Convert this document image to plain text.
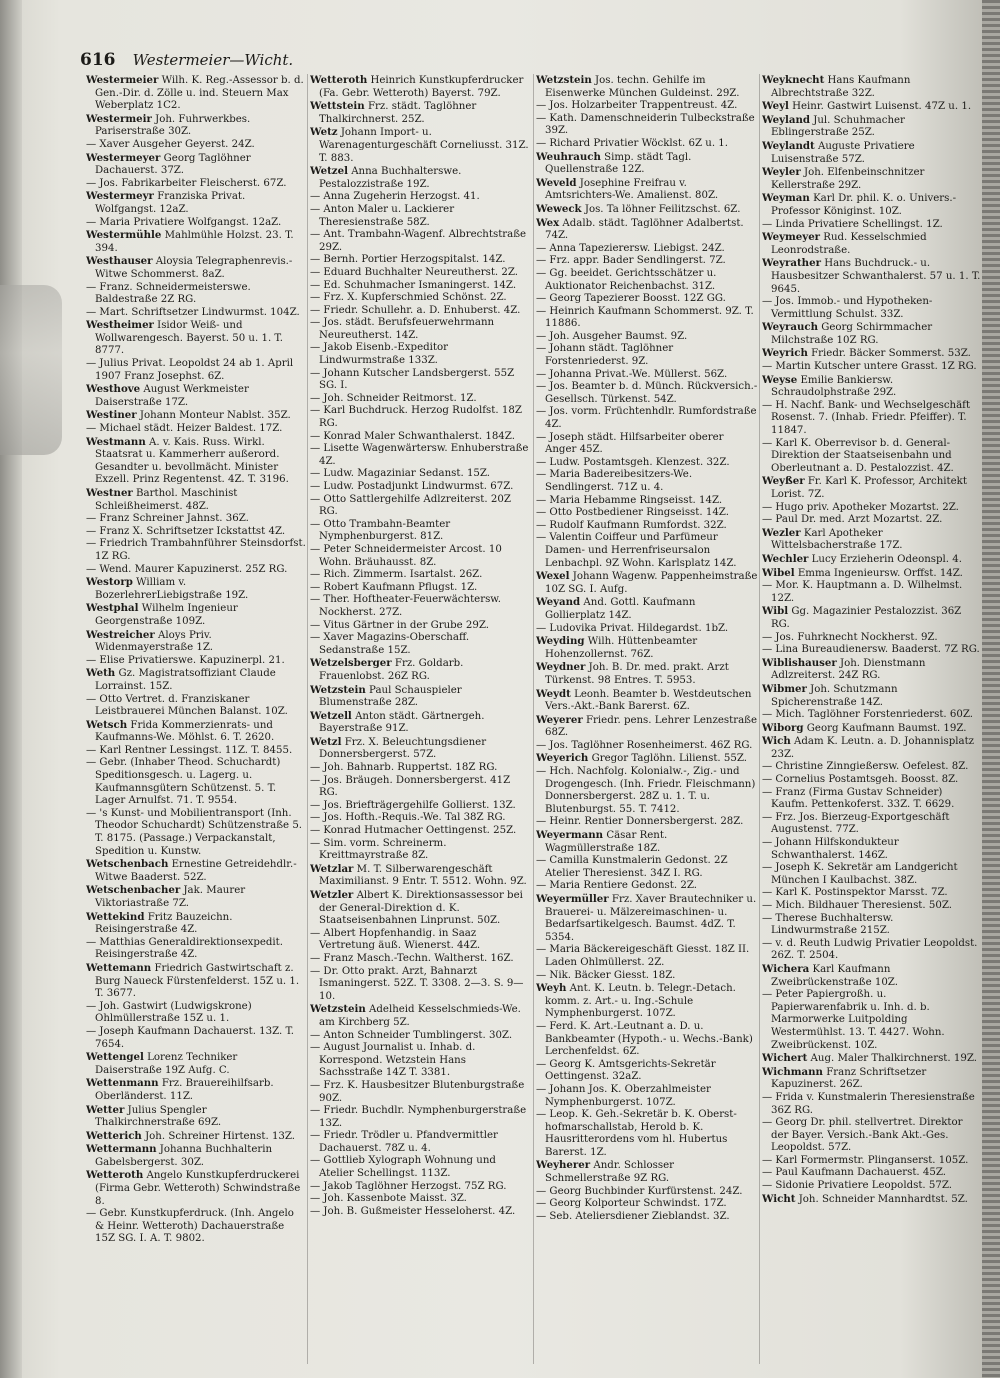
616 Westermeier—Wicht.

Westermeier Wilh. K. Reg.-Assessor b. d. Gen.-Dir. d. Zölle u. ind. Steuern Max Weberplatz 1C2.

Westermeir Joh. Fuhrwerkbes. Pariserstraße 30Z.

— Xaver Ausgeher Geyerst. 24Z.

Westermeyer Georg Taglöhner Dachauerst. 37Z.

— Jos. Fabrikarbeiter Fleischerst. 67Z.

Westermeyr Franziska Privat. Wolfgangst. 12aZ.

— Maria Privatiere Wolfgangst. 12aZ.

Westermühle Mahlmühle Holzst. 23. T. 394.

Westhauser Aloysia Telegraphenrevis.-Witwe Schommerst. 8aZ.

— Franz. Schneidermeisterswe. Baldestraße 2Z RG.

— Mart. Schriftsetzer Lindwurmst. 104Z.

Westheimer Isidor Weiß- und Wollwarengesch. Bayerst. 50 u. 1. T. 8777.

— Julius Privat. Leopoldst 24 ab 1. April 1907 Franz Josephst. 6Z.

Westhove August Werkmeister Daiserstraße 17Z.

Westiner Johann Monteur Nablst. 35Z.

— Michael städt. Heizer Baldest. 17Z.

Westmann A. v. Kais. Russ. Wirkl. Staatsrat u. Kammerherr außerord. Gesandter u. bevollmächt. Minister Exzell. Prinz Regentenst. 4Z. T. 3196.

Westner Barthol. Maschinist Schleißheimerst. 48Z.

— Franz Schreiner Jahnst. 36Z.

— Franz X. Schriftsetzer Ickstattst 4Z.

— Friedrich Trambahnführer Steinsdorfst. 1Z RG.

— Wend. Maurer Kapuzinerst. 25Z RG.

Westorp William v. BozerlehrerLiebigstraße 19Z.

Westphal Wilhelm Ingenieur Georgenstraße 109Z.

Westreicher Aloys Priv. Widenmayerstraße 1Z.

— Elise Privatierswe. Kapuzinerpl. 21.

Weth Gz. Magistratsoffiziant Claude Lorrainst. 15Z.

— Otto Vertret. d. Franziskaner Leistbrauerei München Balanst. 10Z.

Wetsch Frida Kommerzienrats- und Kaufmanns-We. Möhlst. 6. T. 2620.

— Karl Rentner Lessingst. 11Z. T. 8455.

— Gebr. (Inhaber Theod. Schuchardt) Speditionsgesch. u. Lagerg. u. Kaufmannsgütern Schützenst. 5. T. Lager Arnulfst. 71. T. 9554.

— 's Kunst- und Mobilientransport (Inh. Theodor Schuchardt) Schützenstraße 5. T. 8175. (Passage.) Verpackanstalt, Spedition u. Kunstw.

Wetschenbach Ernestine Getreidehdlr.-Witwe Baaderst. 52Z.

Wetschenbacher Jak. Maurer Viktoriastraße 7Z.

Wettekind Fritz Bauzeichn. Reisingerstraße 4Z.

— Matthias Generaldirektionsexpedit. Reisingerstraße 4Z.

Wettemann Friedrich Gastwirtschaft z. Burg Naueck Fürstenfelderst. 15Z u. 1. T. 3677.

— Joh. Gastwirt (Ludwigskrone) Ohlmüllerstraße 15Z u. 1.

— Joseph Kaufmann Dachauerst. 13Z. T. 7654.

Wettengel Lorenz Techniker Daiserstraße 19Z Aufg. C.

Wettenmann Frz. Brauereihilfsarb. Oberländerst. 11Z.

Wetter Julius Spengler Thalkirchnerstraße 69Z.

Wetterich Joh. Schreiner Hirtenst. 13Z.

Wettermann Johanna Buchhalterin Gabelsbergerst. 30Z.

Wetteroth Angelo Kunstkupferdruckerei (Firma Gebr. Wetteroth) Schwindstraße 8.

— Gebr. Kunstkupferdruck. (Inh. Angelo & Heinr. Wetteroth) Dachauerstraße 15Z SG. I. A. T. 9802.

Wetteroth Heinrich Kunstkupferdrucker (Fa. Gebr. Wetteroth) Bayerst. 79Z.

Wettstein Frz. städt. Taglöhner Thalkirchnerst. 25Z.

Wetz Johann Import- u. Warenagenturgeschäft Corneliusst. 31Z. T. 883.

Wetzel Anna Buchhalterswe. Pestalozzistraße 19Z.

— Anna Zugeherin Herzogst. 41.

— Anton Maler u. Lackierer Theresienstraße 58Z.

— Ant. Trambahn-Wagenf. Albrechtstraße 29Z.

— Bernh. Portier Herzogspitalst. 14Z.

— Eduard Buchhalter Neureutherst. 2Z.

— Ed. Schuhmacher Ismaningerst. 14Z.

— Frz. X. Kupferschmied Schönst. 2Z.

— Friedr. Schullehr. a. D. Enhuberst. 4Z.

— Jos. städt. Berufsfeuerwehrmann Neureutherst. 14Z.

— Jakob Eisenb.-Expeditor Lindwurmstraße 133Z.

— Johann Kutscher Landsbergerst. 55Z SG. I.

— Joh. Schneider Reitmorst. 1Z.

— Karl Buchdruck. Herzog Rudolfst. 18Z RG.

— Konrad Maler Schwanthalerst. 184Z.

— Lisette Wagenwärtersw. Enhuberstraße 4Z.

— Ludw. Magaziniar Sedanst. 15Z.

— Ludw. Postadjunkt Lindwurmst. 67Z.

— Otto Sattlergehilfe Adlzreiterst. 20Z RG.

— Otto Trambahn-Beamter Nymphenburgerst. 81Z.

— Peter Schneidermeister Arcost. 10 Wohn. Bräuhausst. 8Z.

— Rich. Zimmerm. Isartalst. 26Z.

— Robert Kaufmann Pflugst. 1Z.

— Ther. Hoftheater-Feuerwächtersw. Nockherst. 27Z.

— Vitus Gärtner in der Grube 29Z.

— Xaver Magazins-Oberschaff. Sedanstraße 15Z.

Wetzelsberger Frz. Goldarb. Frauenlobst. 26Z RG.

Wetzstein Paul Schauspieler Blumenstraße 28Z.

Wetzell Anton städt. Gärtnergeh. Bayerstraße 91Z.

Wetzl Frz. X. Beleuchtungsdiener Donnersbergerst. 57Z.

— Joh. Bahnarb. Ruppertst. 18Z RG.

— Jos. Bräugeh. Donnersbergerst. 41Z RG.

— Jos. Briefträgergehilfe Gollierst. 13Z.

— Jos. Hofth.-Requis.-We. Tal 38Z RG.

— Konrad Hutmacher Oettingenst. 25Z.

— Sim. vorm. Schreinerm. Kreittmayrstraße 8Z.

Wetzlar M. T. Silberwarengeschäft Maximilianst. 9 Entr. T. 5512. Wohn. 9Z.

Wetzler Albert K. Direktionsassessor bei der General-Direktion d. K. Staatseisenbahnen Linprunst. 50Z.

— Albert Hopfenhandig. in Saaz Vertretung äuß. Wienerst. 44Z.

— Franz Masch.-Techn. Waltherst. 16Z.

— Dr. Otto prakt. Arzt, Bahnarzt Ismaningerst. 52Z. T. 3308. 2—3. S. 9—10.

Wetzstein Adelheid Kesselschmieds-We. am Kirchberg 5Z.

— Anton Schneider Tumblingerst. 30Z.

— August Journalist u. Inhab. d. Korrespond. Wetzstein Hans Sachsstraße 14Z T. 3381.

— Frz. K. Hausbesitzer Blutenburgstraße 90Z.

— Friedr. Buchdlr. Nymphenburgerstraße 13Z.

— Friedr. Trödler u. Pfandvermittler Dachauerst. 78Z u. 4.

— Gottlieb Xylograph Wohnung und Atelier Schellingst. 113Z.

— Jakob Taglöhner Herzogst. 75Z RG.

— Joh. Kassenbote Maisst. 3Z.

— Joh. B. Gußmeister Hesseloherst. 4Z.

Wetzstein Jos. techn. Gehilfe im Eisenwerke München Guldeinst. 29Z.

— Jos. Holzarbeiter Trappentreust. 4Z.

— Kath. Damenschneiderin Tulbeckstraße 39Z.

— Richard Privatier Wöcklst. 6Z u. 1.

Weuhrauch Simp. städt Tagl. Quellenstraße 12Z.

Weveld Josephine Freifrau v. Amtsrichters-We. Amalienst. 80Z.

Weweck Jos. Ta löhner Feilitzschst. 6Z.

Wex Adalb. städt. Taglöhner Adalbertst. 74Z.

— Anna Tapezierersw. Liebigst. 24Z.

— Frz. appr. Bader Sendlingerst. 7Z.

— Gg. beeidet. Gerichtsschätzer u. Auktionator Reichenbachst. 31Z.

— Georg Tapezierer Boosst. 12Z GG.

— Heinrich Kaufmann Schommerst. 9Z. T. 11886.

— Joh. Ausgeher Baumst. 9Z.

— Johann städt. Taglöhner Forstenriederst. 9Z.

— Johanna Privat.-We. Müllerst. 56Z.

— Jos. Beamter b. d. Münch. Rückversich.-Gesellsch. Türkenst. 54Z.

— Jos. vorm. Früchtenhdlr. Rumfordstraße 4Z.

— Joseph städt. Hilfsarbeiter oberer Anger 45Z.

— Ludw. Postamtsgeh. Klenzest. 32Z.

— Maria Badereibesitzers-We. Sendlingerst. 71Z u. 4.

— Maria Hebamme Ringseisst. 14Z.

— Otto Postbediener Ringseisst. 14Z.

— Rudolf Kaufmann Rumfordst. 32Z.

— Valentin Coiffeur und Parfümeur Damen- und Herrenfriseursalon Lenbachpl. 9Z Wohn. Karlsplatz 14Z.

Wexel Johann Wagenw. Pappenheimstraße 10Z SG. I. Aufg.

Weyand And. Gottl. Kaufmann Gollierplatz 14Z.

— Ludovika Privat. Hildegardst. 1bZ.

Weyding Wilh. Hüttenbeamter Hohenzollernst. 76Z.

Weydner Joh. B. Dr. med. prakt. Arzt Türkenst. 98 Entres. T. 5953.

Weydt Leonh. Beamter b. Westdeutschen Vers.-Akt.-Bank Barerst. 6Z.

Weyerer Friedr. pens. Lehrer Lenzestraße 68Z.

— Jos. Taglöhner Rosenheimerst. 46Z RG.

Weyerich Gregor Taglöhn. Lilienst. 55Z.

— Hch. Nachfolg. Kolonialw.-, Zig.- und Drogengesch. (Inh. Friedr. Fleischmann) Donnersbergerst. 28Z u. 1. T. u. Blutenburgst. 55. T. 7412.

— Heinr. Rentier Donnersbergerst. 28Z.

Weyermann Cäsar Rent. Wagmüllerstraße 18Z.

— Camilla Kunstmalerin Gedonst. 2Z Atelier Theresienst. 34Z I. RG.

— Maria Rentiere Gedonst. 2Z.

Weyermüller Frz. Xaver Brautechniker u. Brauerei- u. Mälzereimaschinen- u. Bedarfsartikelgesch. Baumst. 4dZ. T. 5354.

— Maria Bäckereigeschäft Giesst. 18Z II. Laden Ohlmüllerst. 2Z.

— Nik. Bäcker Giesst. 18Z.

Weyh Ant. K. Leutn. b. Telegr.-Detach. komm. z. Art.- u. Ing.-Schule Nymphenburgerst. 107Z.

— Ferd. K. Art.-Leutnant a. D. u. Bankbeamter (Hypoth.- u. Wechs.-Bank) Lerchenfeldst. 6Z.

— Georg K. Amtsgerichts-Sekretär Oettingenst. 32aZ.

— Johann Jos. K. Oberzahlmeister Nymphenburgerst. 107Z.

— Leop. K. Geh.-Sekretär b. K. Oberst-hofmarschallstab, Herold b. K. Hausritterordens vom hl. Hubertus Barerst. 1Z.

Weyherer Andr. Schlosser Schmellerstraße 9Z RG.

— Georg Buchbinder Kurfürstenst. 24Z.

— Georg Kolporteur Schwindst. 17Z.

— Seb. Ateliersdiener Zieblandst. 3Z.

Weyknecht Hans Kaufmann Albrechtstraße 32Z.

Weyl Heinr. Gastwirt Luisenst. 47Z u. 1.

Weyland Jul. Schuhmacher Eblingerstraße 25Z.

Weylandt Auguste Privatiere Luisenstraße 57Z.

Weyler Joh. Elfenbeinschnitzer Kellerstraße 29Z.

Weyman Karl Dr. phil. K. o. Univers.-Professor Königinst. 10Z.

— Linda Privatiere Schellingst. 1Z.

Weymeyer Rud. Kesselschmied Leonrodstraße.

Weyrather Hans Buchdruck.- u. Hausbesitzer Schwanthalerst. 57 u. 1. T. 9645.

— Jos. Immob.- und Hypotheken-Vermittlung Schulst. 33Z.

Weyrauch Georg Schirmmacher Milchstraße 10Z RG.

Weyrich Friedr. Bäcker Sommerst. 53Z.

— Martin Kutscher untere Grasst. 1Z RG.

Weyse Emilie Bankiersw. Schraudolphstraße 29Z.

— H. Nachf. Bank- und Wechselgeschäft Rosenst. 7. (Inhab. Friedr. Pfeiffer). T. 11847.

— Karl K. Oberrevisor b. d. General-Direktion der Staatseisenbahn und Oberleutnant a. D. Pestalozzist. 4Z.

Weyßer Fr. Karl K. Professor, Architekt Lorist. 7Z.

— Hugo priv. Apotheker Mozartst. 2Z.

— Paul Dr. med. Arzt Mozartst. 2Z.

Wezler Karl Apotheker Wittelsbacherstraße 17Z.

Wechler Lucy Erzieherin Odeonspl. 4.

Wibel Emma Ingenieursw. Orffst. 14Z.

— Mor. K. Hauptmann a. D. Wilhelmst. 12Z.

Wibl Gg. Magazinier Pestalozzist. 36Z RG.

— Jos. Fuhrknecht Nockherst. 9Z.

— Lina Bureaudienersw. Baaderst. 7Z RG.

Wiblishauser Joh. Dienstmann Adlzreiterst. 24Z RG.

Wibmer Joh. Schutzmann Spicherenstraße 14Z.

— Mich. Taglöhner Forstenriederst. 60Z.

Wiborg Georg Kaufmann Baumst. 19Z.

Wich Adam K. Leutn. a. D. Johannisplatz 23Z.

— Christine Zinngießersw. Oefelest. 8Z.

— Cornelius Postamtsgeh. Boosst. 8Z.

— Franz (Firma Gustav Schneider) Kaufm. Pettenkoferst. 33Z. T. 6629.

— Frz. Jos. Bierzeug-Exportgeschäft Augustenst. 77Z.

— Johann Hilfskondukteur Schwanthalerst. 146Z.

— Joseph K. Sekretär am Landgericht München I Kaulbachst. 38Z.

— Karl K. Postinspektor Marsst. 7Z.

— Mich. Bildhauer Theresienst. 50Z.

— Therese Buchhaltersw. Lindwurmstraße 215Z.

— v. d. Reuth Ludwig Privatier Leopoldst. 26Z. T. 2504.

Wichera Karl Kaufmann Zweibrückenstraße 10Z.

— Peter Papiergroßh. u. Papierwarenfabrik u. Inh. d. b. Marmorwerke Luitpolding Westermühlst. 13. T. 4427. Wohn. Zweibrückenst. 10Z.

Wichert Aug. Maler Thalkirchnerst. 19Z.

Wichmann Franz Schriftsetzer Kapuzinerst. 26Z.

— Frida v. Kunstmalerin Theresienstraße 36Z RG.

— Georg Dr. phil. stellvertret. Direktor der Bayer. Versich.-Bank Akt.-Ges. Leopoldst. 57Z.

— Karl Formermstr. Plinganserst. 105Z.

— Paul Kaufmann Dachauerst. 45Z.

— Sidonie Privatiere Leopoldst. 57Z.

Wicht Joh. Schneider Mannhardtst. 5Z.
